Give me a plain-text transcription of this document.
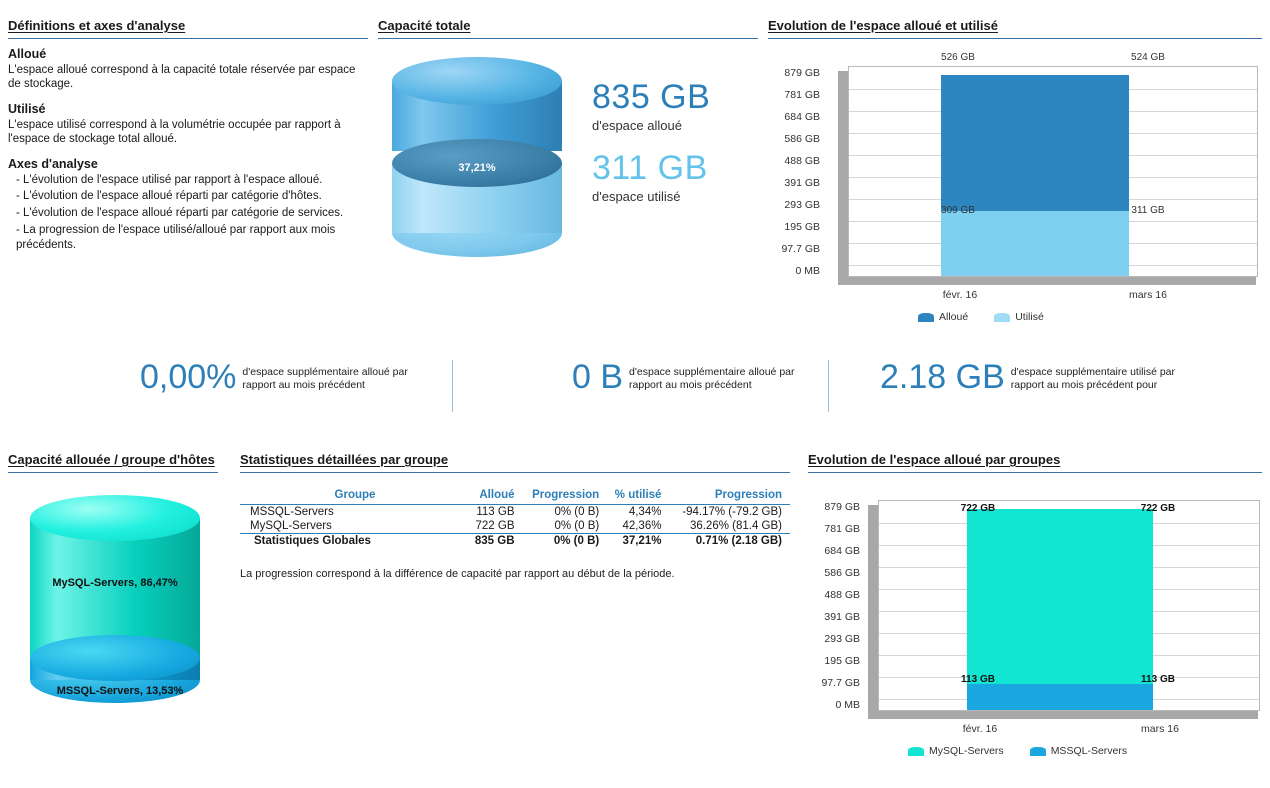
Définitions et axes d'analyse
Alloué

L'espace alloué correspond à la capacité totale réservée par espace de stockage.

Utilisé

L'espace utilisé correspond à la volumétrie occupée par rapport à l'espace de stockage total alloué.

Axes d'analyse
- L'évolution de l'espace utilisé par rapport à l'espace alloué.
- L'évolution de l'espace alloué réparti par catégorie d'hôtes.
- L'évolution de l'espace alloué réparti par catégorie de services.
- La progression de l'espace utilisé/alloué par rapport aux mois précédents.
Capacité totale
37,21%
835 GB
d'espace alloué
311 GB
d'espace utilisé
Evolution de l'espace alloué et utilisé
879 GB
781 GB
684 GB
586 GB
488 GB
391 GB
293 GB
195 GB
97.7 GB
0 MB
526 GB	524 GB
309 GB	311 GB
févr. 16	mars 16
Alloué	Utilisé
0,00% d'espace supplémentaire alloué par rapport au mois précédent	0 B d'espace supplémentaire alloué par rapport au mois précédent	2.18 GB d'espace supplémentaire utilisé par rapport au mois précédent pour
Capacité allouée / groupe d'hôtes
MySQL-Servers, 86,47%
MSSQL-Servers, 13,53%
Statistiques détaillées par groupe
Groupe	Alloué	Progression	% utilisé	Progression
MSSQL-Servers	113 GB	0% (0 B)	4,34%	-94.17% (-79.2 GB)
MySQL-Servers	722 GB	0% (0 B)	42,36%	36.26% (81.4 GB)
Statistiques Globales	835 GB	0% (0 B)	37,21%	0.71% (2.18 GB)
La progression correspond à la différence de capacité par rapport au début de la période.
Evolution de l'espace alloué par groupes
879 GB
781 GB
684 GB
586 GB
488 GB
391 GB
293 GB
195 GB
97.7 GB
0 MB
722 GB	722 GB
113 GB	113 GB
févr. 16	mars 16
MySQL-Servers	MSSQL-Servers
